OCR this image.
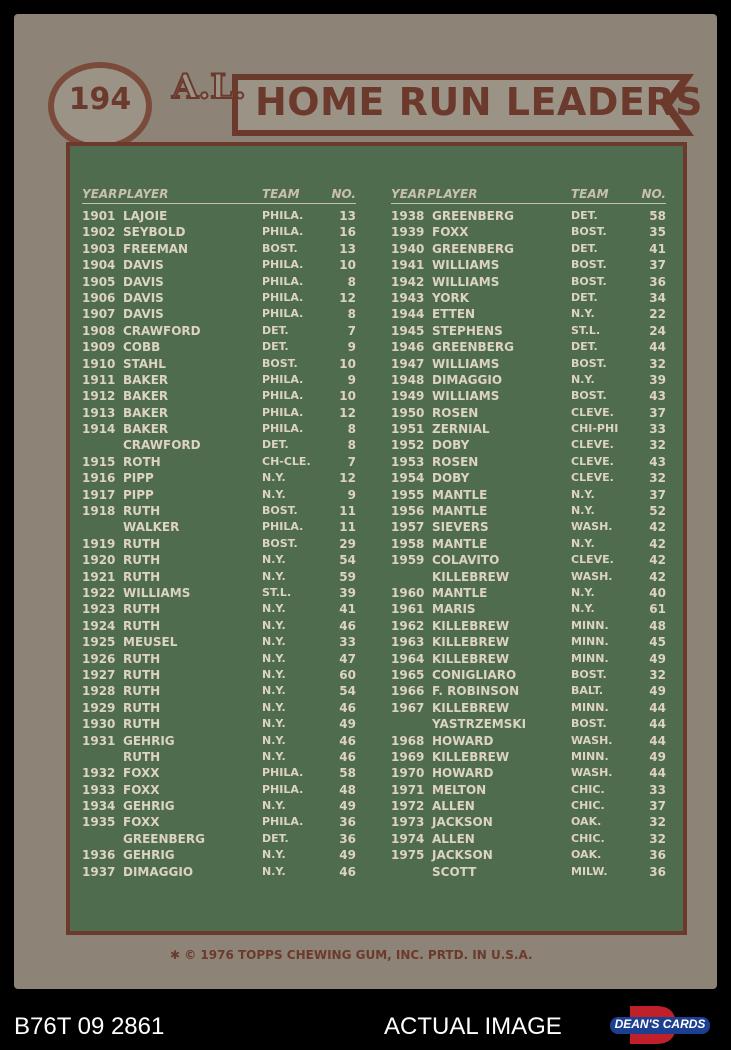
194	A.L. HOME RUN LEADERS
YEAR PLAYER	TEAM	NO.
1901 LAJOIE	PHILA.	13
1902 SEYBOLD	PHILA.	16
1903 FREEMAN	BOST.	13
1904 DAVIS	PHILA.	10
1905 DAVIS	PHILA.	8
1906 DAVIS	PHILA.	12
1907 DAVIS	PHILA.	8
1908 CRAWFORD	DET.	7
1909 COBB	DET.	9
1910 STAHL	BOST.	10
1911 BAKER	PHILA.	9
1912 BAKER	PHILA.	10
1913 BAKER	PHILA.	12
1914 BAKER	PHILA.	8
CRAWFORD	DET.	8
1915 ROTH	CH-CLE.	7
1916 PIPP	N.Y.	12
1917 PIPP	N.Y.	9
1918 RUTH	BOST.	11
WALKER	PHILA.	11
1919 RUTH	BOST.	29
1920 RUTH	N.Y.	54
1921 RUTH	N.Y.	59
1922 WILLIAMS	ST.L.	39
1923 RUTH	N.Y.	41
1924 RUTH	N.Y.	46
1925 MEUSEL	N.Y.	33
1926 RUTH	N.Y.	47
1927 RUTH	N.Y.	60
1928 RUTH	N.Y.	54
1929 RUTH	N.Y.	46
1930 RUTH	N.Y.	49
1931 GEHRIG	N.Y.	46
RUTH	N.Y.	46
1932 FOXX	PHILA.	58
1933 FOXX	PHILA.	48
1934 GEHRIG	N.Y.	49
1935 FOXX	PHILA.	36
GREENBERG	DET.	36
1936 GEHRIG	N.Y.	49
1937 DIMAGGIO	N.Y.	46
YEAR PLAYER	TEAM	NO.
1938 GREENBERG	DET.	58
1939 FOXX	BOST.	35
1940 GREENBERG	DET.	41
1941 WILLIAMS	BOST.	37
1942 WILLIAMS	BOST.	36
1943 YORK	DET.	34
1944 ETTEN	N.Y.	22
1945 STEPHENS	ST.L.	24
1946 GREENBERG	DET.	44
1947 WILLIAMS	BOST.	32
1948 DIMAGGIO	N.Y.	39
1949 WILLIAMS	BOST.	43
1950 ROSEN	CLEVE.	37
1951 ZERNIAL	CHI-PHI	33
1952 DOBY	CLEVE.	32
1953 ROSEN	CLEVE.	43
1954 DOBY	CLEVE.	32
1955 MANTLE	N.Y.	37
1956 MANTLE	N.Y.	52
1957 SIEVERS	WASH.	42
1958 MANTLE	N.Y.	42
1959 COLAVITO	CLEVE.	42
KILLEBREW	WASH.	42
1960 MANTLE	N.Y.	40
1961 MARIS	N.Y.	61
1962 KILLEBREW	MINN.	48
1963 KILLEBREW	MINN.	45
1964 KILLEBREW	MINN.	49
1965 CONIGLIARO	BOST.	32
1966 F. ROBINSON	BALT.	49
1967 KILLEBREW	MINN.	44
YASTRZEMSKI	BOST.	44
1968 HOWARD	WASH.	44
1969 KILLEBREW	MINN.	49
1970 HOWARD	WASH.	44
1971 MELTON	CHIC.	33
1972 ALLEN	CHIC.	37
1973 JACKSON	OAK.	32
1974 ALLEN	CHIC.	32
1975 JACKSON	OAK.	36
SCOTT	MILW.	36
✱ © 1976 TOPPS CHEWING GUM, INC. PRTD. IN U.S.A.
B76T 09 2861	ACTUAL IMAGE	DEAN'S CARDS
